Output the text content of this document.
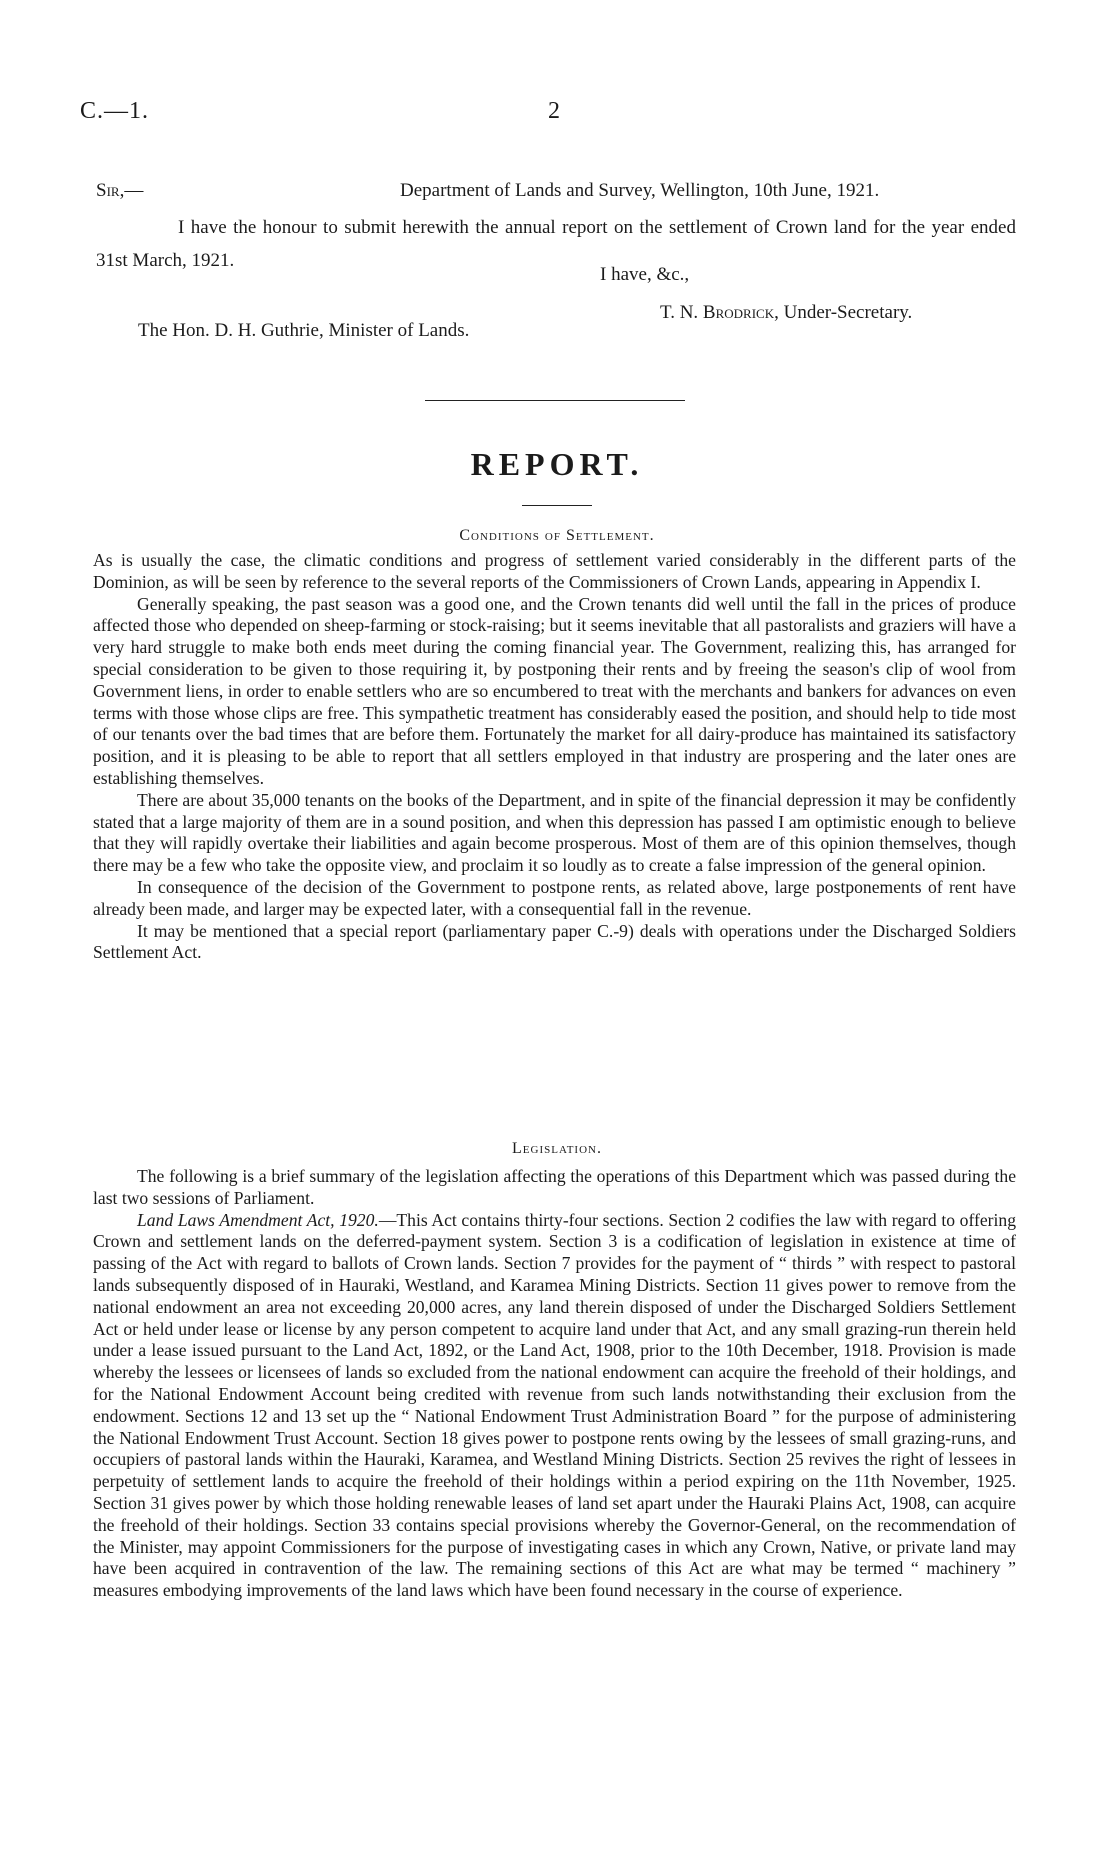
C.—1.	2
Sir,—	Department of Lands and Survey, Wellington, 10th June, 1921.
I have the honour to submit herewith the annual report on the settlement of Crown land for the year ended 31st March, 1921.
I have, &c.,
T. N. Brodrick, Under-Secretary.
The Hon. D. H. Guthrie, Minister of Lands.
REPORT.
Conditions of Settlement.

As is usually the case, the climatic conditions and progress of settlement varied considerably in the different parts of the Dominion, as will be seen by reference to the several reports of the Commissioners of Crown Lands, appearing in Appendix I.

Generally speaking, the past season was a good one, and the Crown tenants did well until the fall in the prices of produce affected those who depended on sheep-farming or stock-raising; but it seems inevitable that all pastoralists and graziers will have a very hard struggle to make both ends meet during the coming financial year. The Government, realizing this, has arranged for special consideration to be given to those requiring it, by postponing their rents and by freeing the season's clip of wool from Government liens, in order to enable settlers who are so encumbered to treat with the merchants and bankers for advances on even terms with those whose clips are free. This sympathetic treatment has considerably eased the position, and should help to tide most of our tenants over the bad times that are before them. Fortunately the market for all dairy-produce has maintained its satisfactory position, and it is pleasing to be able to report that all settlers employed in that industry are prospering and the later ones are establishing themselves.

There are about 35,000 tenants on the books of the Department, and in spite of the financial depression it may be confidently stated that a large majority of them are in a sound position, and when this depression has passed I am optimistic enough to believe that they will rapidly overtake their liabilities and again become prosperous. Most of them are of this opinion themselves, though there may be a few who take the opposite view, and proclaim it so loudly as to create a false impression of the general opinion.

In consequence of the decision of the Government to postpone rents, as related above, large postponements of rent have already been made, and larger may be expected later, with a consequential fall in the revenue.

It may be mentioned that a special report (parliamentary paper C.-9) deals with operations under the Discharged Soldiers Settlement Act.

Legislation.

The following is a brief summary of the legislation affecting the operations of this Department which was passed during the last two sessions of Parliament.

Land Laws Amendment Act, 1920.—This Act contains thirty-four sections. Section 2 codifies the law with regard to offering Crown and settlement lands on the deferred-payment system. Section 3 is a codification of legislation in existence at time of passing of the Act with regard to ballots of Crown lands. Section 7 provides for the payment of “ thirds ” with respect to pastoral lands subsequently disposed of in Hauraki, Westland, and Karamea Mining Districts. Section 11 gives power to remove from the national endowment an area not exceeding 20,000 acres, any land therein disposed of under the Discharged Soldiers Settlement Act or held under lease or license by any person competent to acquire land under that Act, and any small grazing-run therein held under a lease issued pursuant to the Land Act, 1892, or the Land Act, 1908, prior to the 10th December, 1918. Provision is made whereby the lessees or licensees of lands so excluded from the national endowment can acquire the freehold of their holdings, and for the National Endowment Account being credited with revenue from such lands notwithstanding their exclusion from the endowment. Sections 12 and 13 set up the “ National Endowment Trust Administration Board ” for the purpose of administering the National Endowment Trust Account. Section 18 gives power to postpone rents owing by the lessees of small grazing-runs, and occupiers of pastoral lands within the Hauraki, Karamea, and Westland Mining Districts. Section 25 revives the right of lessees in perpetuity of settlement lands to acquire the freehold of their holdings within a period expiring on the 11th November, 1925. Section 31 gives power by which those holding renewable leases of land set apart under the Hauraki Plains Act, 1908, can acquire the freehold of their holdings. Section 33 contains special provisions whereby the Governor-General, on the recommendation of the Minister, may appoint Commissioners for the purpose of investigating cases in which any Crown, Native, or private land may have been acquired in contravention of the law. The remaining sections of this Act are what may be termed “ machinery ” measures embodying improvements of the land laws which have been found necessary in the course of experience.
